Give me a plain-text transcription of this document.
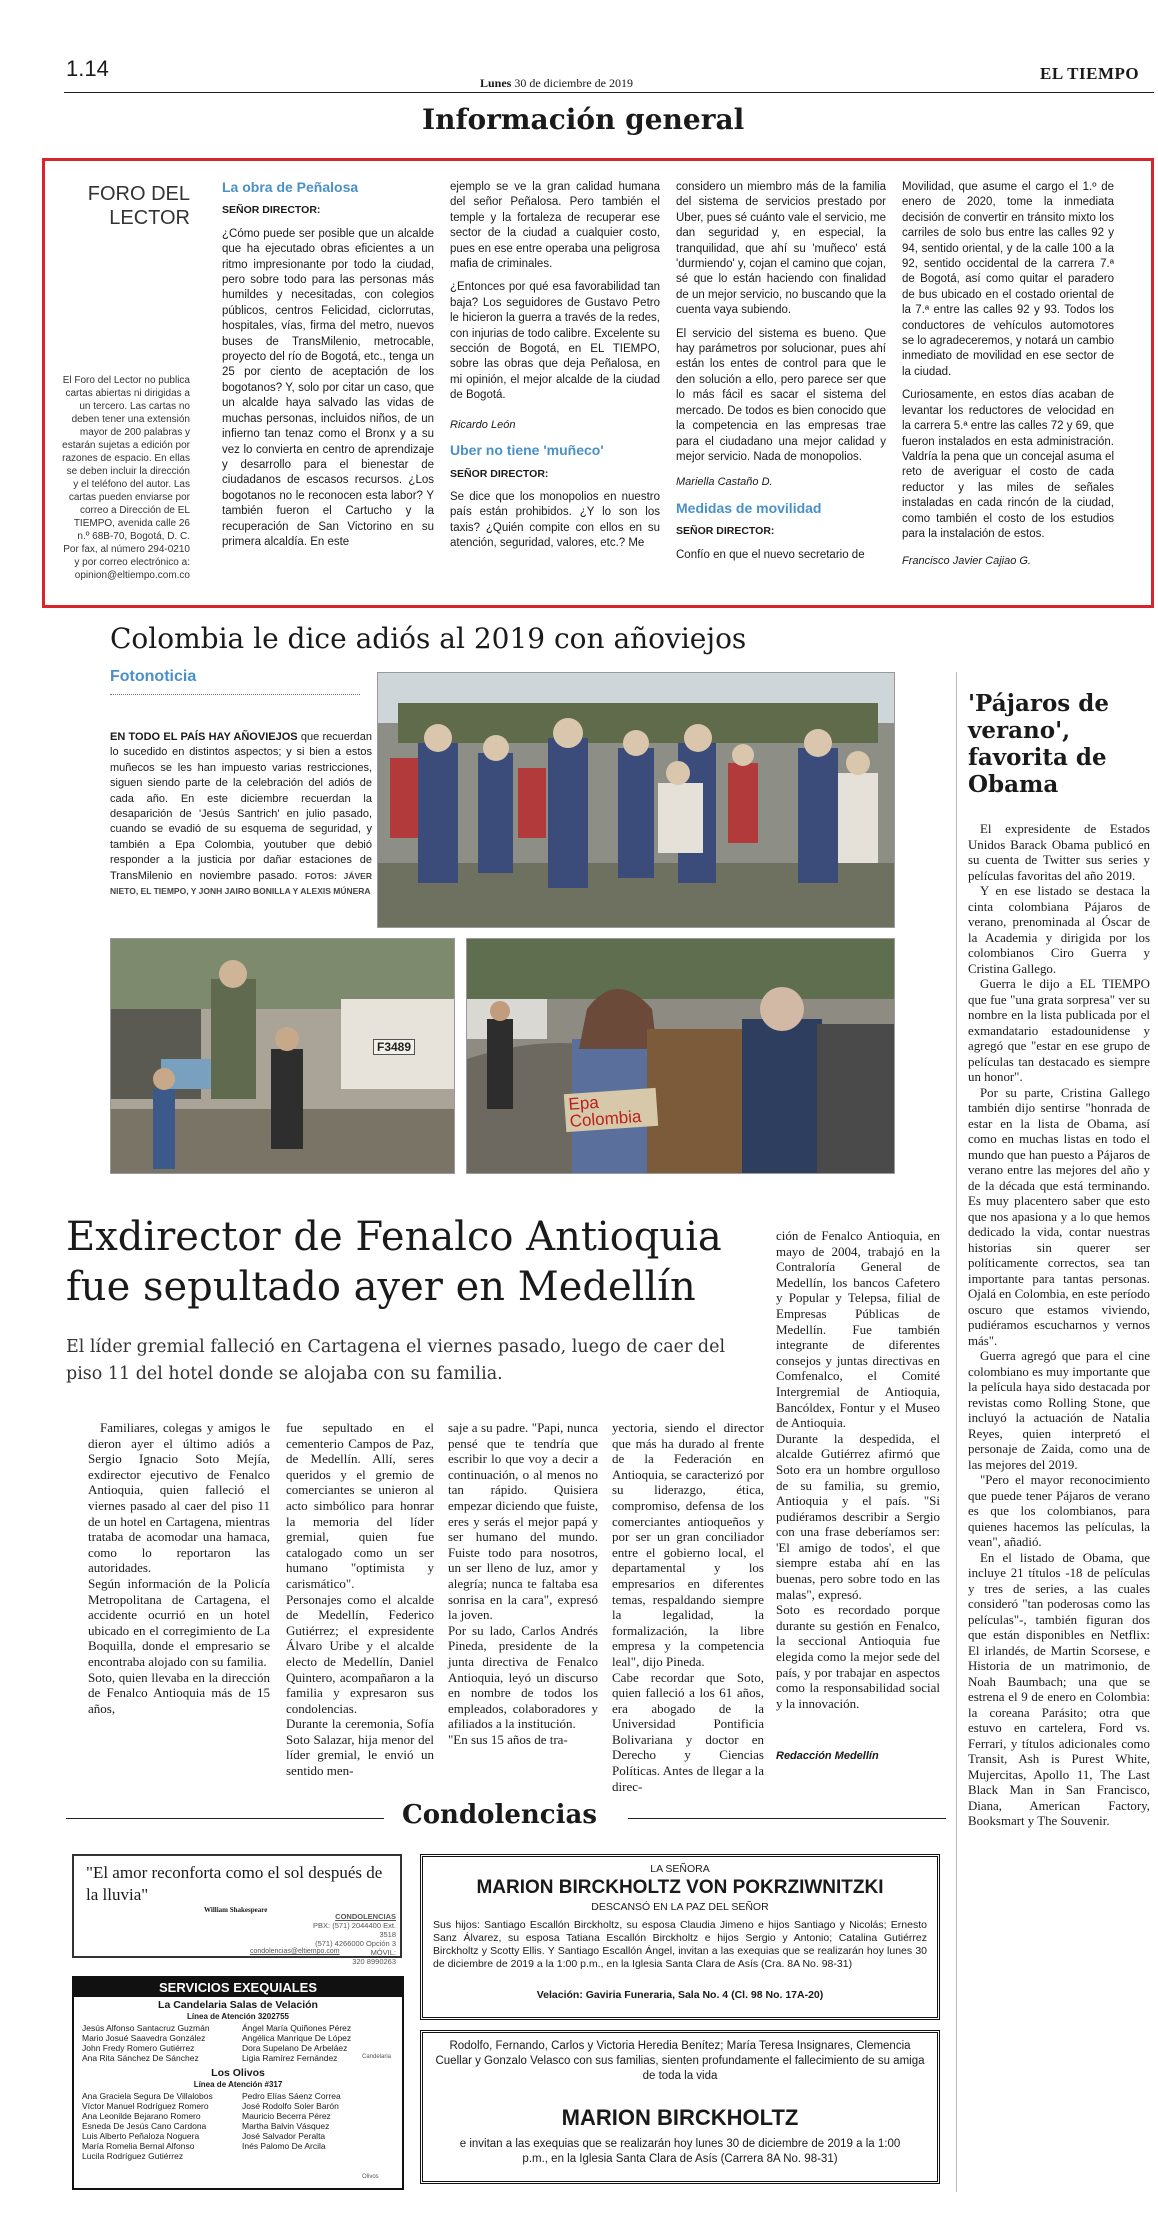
1.14
Lunes 30 de diciembre de 2019	EL TIEMPO
Información general
FORO DEL
LECTOR
El Foro del Lector no publica cartas abiertas ni dirigidas a un tercero. Las cartas no deben tener una extensión mayor de 200 palabras y estarán sujetas a edición por razones de espacio. En ellas se deben incluir la dirección y el teléfono del autor. Las cartas pueden enviarse por correo a Dirección de EL TIEMPO, avenida calle 26 n.º 68B-70, Bogotá, D. C. Por fax, al número 294-0210 y por correo electrónico a: opinion@eltiempo.com.co
La obra de Peñalosa
SEÑOR DIRECTOR:

¿Cómo puede ser posible que un alcalde que ha ejecutado obras eficientes a un ritmo impresionante por todo la ciudad, pero sobre todo para las personas más humildes y necesitadas, con colegios públicos, centros Felicidad, ciclorrutas, hospitales, vías, firma del metro, nuevos buses de TransMilenio, metrocable, proyecto del río de Bogotá, etc., tenga un 25 por ciento de aceptación de los bogotanos? Y, solo por citar un caso, que un alcalde haya salvado las vidas de muchas personas, incluidos niños, de un infierno tan tenaz como el Bronx y a su vez lo convierta en centro de aprendizaje y desarrollo para el bienestar de ciudadanos de escasos recursos. ¿Los bogotanos no le reconocen esta labor? Y también fueron el Cartucho y la recuperación de San Victorino en su primera alcaldía. En este

ejemplo se ve la gran calidad humana del señor Peñalosa. Pero también el temple y la fortaleza de recuperar ese sector de la ciudad a cualquier costo, pues en ese entre operaba una peligrosa mafia de criminales.

¿Entonces por qué esa favorabilidad tan baja? Los seguidores de Gustavo Petro le hicieron la guerra a través de la redes, con injurias de todo calibre. Excelente su sección de Bogotá, en EL TIEMPO, sobre las obras que deja Peñalosa, en mi opinión, el mejor alcalde de la ciudad de Bogotá.

Ricardo León
Uber no tiene 'muñeco'
SEÑOR DIRECTOR:

Se dice que los monopolios en nuestro país están prohibidos. ¿Y lo son los taxis? ¿Quién compite con ellos en su atención, seguridad, valores, etc.? Me

considero un miembro más de la familia del sistema de servicios prestado por Uber, pues sé cuánto vale el servicio, me dan seguridad y, en especial, la tranquilidad, que ahí su 'muñeco' está 'durmiendo' y, cojan el camino que cojan, sé que lo están haciendo con finalidad de un mejor servicio, no buscando que la cuenta vaya subiendo.

El servicio del sistema es bueno. Que hay parámetros por solucionar, pues ahí están los entes de control para que le den solución a ello, pero parece ser que lo más fácil es sacar el sistema del mercado. De todos es bien conocido que la competencia en las empresas trae para el ciudadano una mejor calidad y mejor servicio. Nada de monopolios.

Mariella Castaño D.
Medidas de movilidad
SEÑOR DIRECTOR:

Confío en que el nuevo secretario de

Movilidad, que asume el cargo el 1.º de enero de 2020, tome la inmediata decisión de convertir en tránsito mixto los carriles de solo bus entre las calles 92 y 94, sentido oriental, y de la calle 100 a la 92, sentido occidental de la carrera 7.ª de Bogotá, así como quitar el paradero de bus ubicado en el costado oriental de la 7.ª entre las calles 92 y 93. Todos los conductores de vehículos automotores se lo agradeceremos, y notará un cambio inmediato de movilidad en ese sector de la ciudad.

Curiosamente, en estos días acaban de levantar los reductores de velocidad en la carrera 5.ª entre las calles 72 y 69, que fueron instalados en esta administración. Valdría la pena que un concejal asuma el reto de averiguar el costo de cada reductor y las miles de señales instaladas en cada rincón de la ciudad, como también el costo de los estudios para la instalación de estos.

Francisco Javier Cajiao G.
Colombia le dice adiós al 2019 con añoviejos
Fotonoticia
EN TODO EL PAÍS HAY AÑOVIEJOS que recuerdan lo sucedido en distintos aspectos; y si bien a estos muñecos se les han impuesto varias restricciones, siguen siendo parte de la celebración del adiós de cada año. En este diciembre recuerdan la desaparición de 'Jesús Santrich' en julio pasado, cuando se evadió de su esquema de seguridad, y también a Epa Colombia, youtuber que debió responder a la justicia por dañar estaciones de TransMilenio en noviembre pasado. FOTOS: JÁVER NIETO, EL TIEMPO, Y JONH JAIRO BONILLA Y ALEXIS MÚNERA
F3489
Epa Colombia
'Pájaros de verano', favorita de Obama

El expresidente de Estados Unidos Barack Obama publicó en su cuenta de Twitter sus series y películas favoritas del año 2019.

Y en ese listado se destaca la cinta colombiana Pájaros de verano, prenominada al Óscar de la Academia y dirigida por los colombianos Ciro Guerra y Cristina Gallego.

Guerra le dijo a EL TIEMPO que fue "una grata sorpresa" ver su nombre en la lista publicada por el exmandatario estadounidense y agregó que "estar en ese grupo de películas tan destacado es siempre un honor".

Por su parte, Cristina Gallego también dijo sentirse "honrada de estar en la lista de Obama, así como en muchas listas en todo el mundo que han puesto a Pájaros de verano entre las mejores del año y de la década que está terminando. Es muy placentero saber que esto que nos apasiona y a lo que hemos dedicado la vida, contar nuestras historias sin querer ser políticamente correctos, sea tan importante para tantas personas. Ojalá en Colombia, en este período oscuro que estamos viviendo, pudiéramos escucharnos y vernos más".

Guerra agregó que para el cine colombiano es muy importante que la película haya sido destacada por revistas como Rolling Stone, que incluyó la actuación de Natalia Reyes, quien interpretó el personaje de Zaida, como una de las mejores del 2019.

"Pero el mayor reconocimiento que puede tener Pájaros de verano es que los colombianos, para quienes hacemos las películas, la vean", añadió.

En el listado de Obama, que incluye 21 títulos -18 de películas y tres de series, a las cuales consideró "tan poderosas como las películas"-, también figuran dos que están disponibles en Netflix: El irlandés, de Martin Scorsese, e Historia de un matrimonio, de Noah Baumbach; una que se estrena el 9 de enero en Colombia: la coreana Parásito; otra que estuvo en cartelera, Ford vs. Ferrari, y títulos adicionales como Transit, Ash is Purest White, Mujercitas, Apollo 11, The Last Black Man in San Francisco, Diana, American Factory, Booksmart y The Souvenir.

Exdirector de Fenalco Antioquia fue sepultado ayer en Medellín
El líder gremial falleció en Cartagena el viernes pasado, luego de caer del piso 11 del hotel donde se alojaba con su familia.
Familiares, colegas y amigos le dieron ayer el último adiós a Sergio Ignacio Soto Mejía, exdirector ejecutivo de Fenalco Antioquia, quien falleció el viernes pasado al caer del piso 11 de un hotel en Cartagena, mientras trataba de acomodar una hamaca, como lo reportaron las autoridades.
Según información de la Policía Metropolitana de Cartagena, el accidente ocurrió en un hotel ubicado en el corregimiento de La Boquilla, donde el empresario se encontraba alojado con su familia.
Soto, quien llevaba en la dirección de Fenalco Antioquia más de 15 años,
fue sepultado en el cementerio Campos de Paz, de Medellín. Allí, seres queridos y el gremio de comerciantes se unieron al acto simbólico para honrar la memoria del líder gremial, quien fue catalogado como un ser humano "optimista y carismático".
Personajes como el alcalde de Medellín, Federico Gutiérrez; el expresidente Álvaro Uribe y el alcalde electo de Medellín, Daniel Quintero, acompañaron a la familia y expresaron sus condolencias.
Durante la ceremonia, Sofía Soto Salazar, hija menor del líder gremial, le envió un sentido men-
saje a su padre. "Papi, nunca pensé que te tendría que escribir lo que voy a decir a continuación, o al menos no tan rápido. Quisiera empezar diciendo que fuiste, eres y serás el mejor papá y ser humano del mundo. Fuiste todo para nosotros, un ser lleno de luz, amor y alegría; nunca te faltaba esa sonrisa en la cara", expresó la joven.
Por su lado, Carlos Andrés Pineda, presidente de la junta directiva de Fenalco Antioquia, leyó un discurso en nombre de todos los empleados, colaboradores y afiliados a la institución.
"En sus 15 años de tra-
yectoria, siendo el director que más ha durado al frente de la Federación en Antioquia, se caracterizó por su liderazgo, ética, compromiso, defensa de los comerciantes antioqueños y por ser un gran conciliador entre el gobierno local, el departamental y los empresarios en diferentes temas, respaldando siempre la legalidad, la formalización, la libre empresa y la competencia leal", dijo Pineda.
Cabe recordar que Soto, quien falleció a los 61 años, era abogado de la Universidad Pontificia Bolivariana y doctor en Derecho y Ciencias Políticas. Antes de llegar a la direc-
ción de Fenalco Antioquia, en mayo de 2004, trabajó en la Contraloría General de Medellín, los bancos Cafetero y Popular y Telepsa, filial de Empresas Públicas de Medellín. Fue también integrante de diferentes consejos y juntas directivas en Comfenalco, el Comité Intergremial de Antioquia, Bancóldex, Fontur y el Museo de Antioquia.
Durante la despedida, el alcalde Gutiérrez afirmó que Soto era un hombre orgulloso de su familia, su gremio, Antioquia y el país. "Si pudiéramos describir a Sergio con una frase deberíamos ser: 'El amigo de todos', el que siempre estaba ahí en las buenas, pero sobre todo en las malas", expresó.
Soto es recordado porque durante su gestión en Fenalco, la seccional Antioquia fue elegida como la mejor sede del país, y por trabajar en aspectos como la responsabilidad social y la innovación.
Redacción Medellín
Condolencias
"El amor reconforta como el sol después de la lluvia"
William Shakespeare
CONDOLENCIAS
PBX: (571) 2044400 Ext. 3518
(571) 4266000 Opción 3
MÓVIL:
320 8990263
condolencias@eltiempo.com
SERVICIOS EXEQUIALES
La Candelaria Salas de Velación
Línea de Atención 3202755
Jesús Alfonso Santacruz Guzmán
Mario Josué Saavedra González
John Fredy Romero Gutiérrez
Ana Rita Sánchez De Sánchez
Ángel María Quiñones Pérez
Angélica Manrique De López
Dora Supelano De Arbeláez
Ligia Ramírez Fernández	Candelaria
Los Olivos
Línea de Atención #317
Ana Graciela Segura De Villalobos
Víctor Manuel Rodríguez Romero
Ana Leonilde Bejarano Romero
Esneda De Jesús Cano Cardona
Luis Alberto Peñaloza Noguera
María Romelia Bernal Alfonso
Lucila Rodríguez Gutiérrez
Pedro Elías Sáenz Correa
José Rodolfo Soler Barón
Mauricio Becerra Pérez
Martha Balvin Vásquez
José Salvador Peralta
Inés Palomo De Arcila
Olivos
LA SEÑORA
MARION BIRCKHOLTZ VON POKRZIWNITZKI
DESCANSÓ EN LA PAZ DEL SEÑOR
Sus hijos: Santiago Escallón Birckholtz, su esposa Claudia Jimeno e hijos Santiago y Nicolás; Ernesto Sanz Álvarez, su esposa Tatiana Escallón Birckholtz e hijos Sergio y Antonio; Catalina Gutiérrez Birckholtz y Scotty Ellis. Y Santiago Escallón Ángel, invitan a las exequias que se realizarán hoy lunes 30 de diciembre de 2019 a la 1:00 p.m., en la Iglesia Santa Clara de Asís (Cra. 8A No. 98-31)
Velación: Gaviria Funeraria, Sala No. 4 (Cl. 98 No. 17A-20)
Rodolfo, Fernando, Carlos y Victoria Heredia Benítez; María Teresa Insignares, Clemencia Cuellar y Gonzalo Velasco con sus familias, sienten profundamente el fallecimiento de su amiga de toda la vida
MARION BIRCKHOLTZ
e invitan a las exequias que se realizarán hoy lunes 30 de diciembre de 2019 a la 1:00 p.m., en la Iglesia Santa Clara de Asís (Carrera 8A No. 98-31)
